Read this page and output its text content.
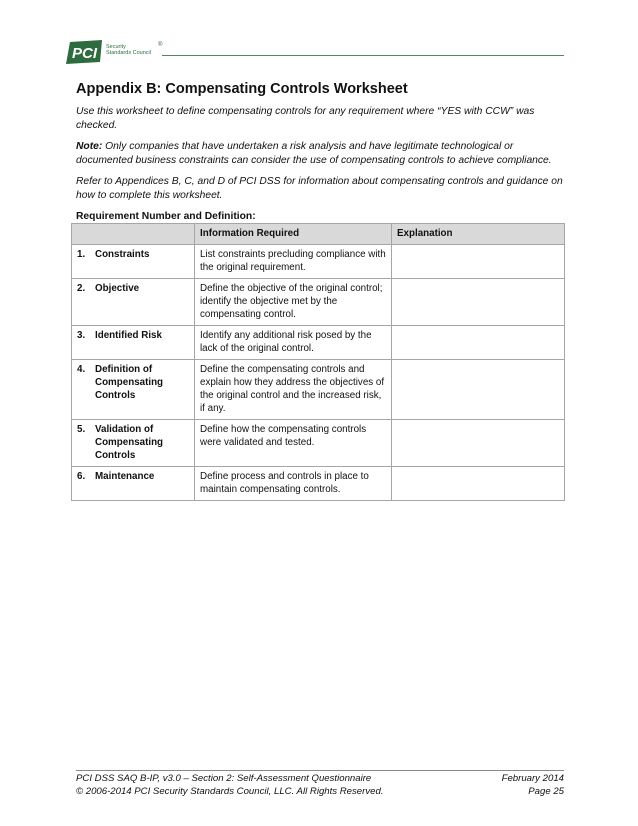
PCI Security
Standards Council
®
Appendix B: Compensating Controls Worksheet

Use this worksheet to define compensating controls for any requirement where “YES with CCW” was checked.

Note: Only companies that have undertaken a risk analysis and have legitimate technological or documented business constraints can consider the use of compensating controls to achieve compliance.

Refer to Appendices B, C, and D of PCI DSS for information about compensating controls and guidance on how to complete this worksheet.

Requirement Number and Definition:

	Information Required	Explanation
1. Constraints	List constraints precluding compliance with the original requirement.	
2. Objective	Define the objective of the original control; identify the objective met by the compensating control.	
3. Identified Risk	Identify any additional risk posed by the lack of the original control.	
4. Definition of Compensating Controls	Define the compensating controls and explain how they address the objectives of the original control and the increased risk, if any.	
5. Validation of Compensating Controls	Define how the compensating controls were validated and tested.	
6. Maintenance	Define process and controls in place to maintain compensating controls.	
PCI DSS SAQ B-IP, v3.0 – Section 2: Self-Assessment Questionnaire	February 2014
© 2006-2014 PCI Security Standards Council, LLC. All Rights Reserved.	Page 25
